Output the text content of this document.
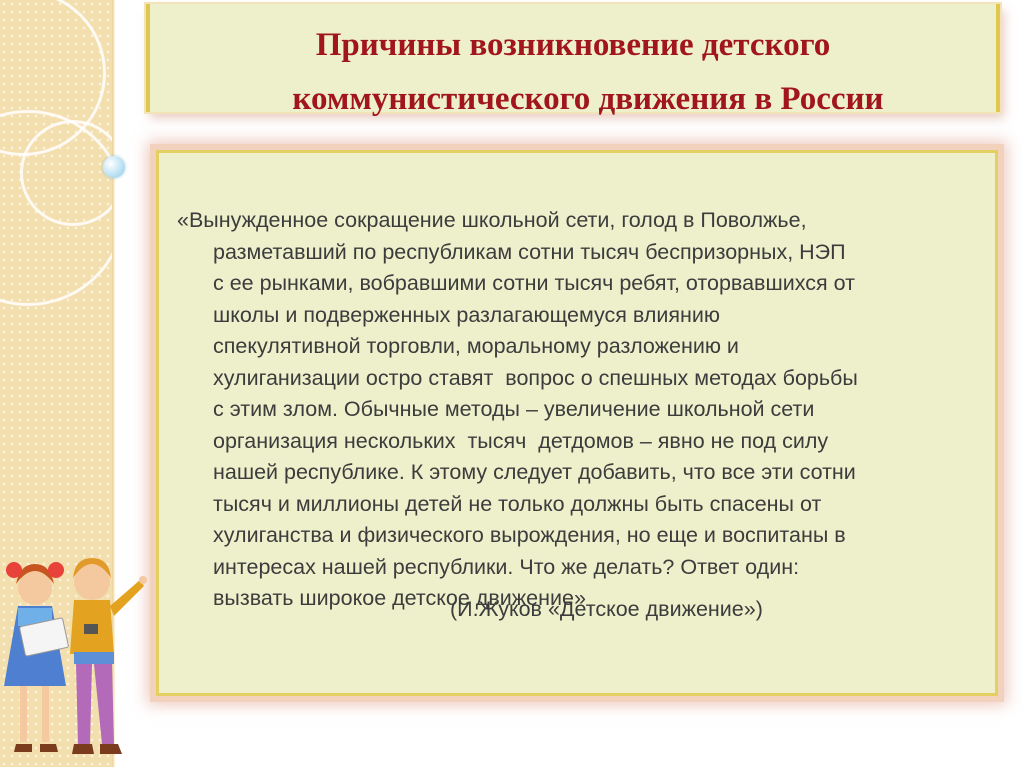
Причины возникновение детского
коммунистического движения в России
«Вынужденное сокращение школьной сети, голод в Поволжье,
разметавший по республикам сотни тысяч беспризорных, НЭП
с ее рынками, вобравшими сотни тысяч ребят, оторвавшихся от
школы и подверженных разлагающемуся влиянию
спекулятивной торговли, моральному разложению и
хулиганизации остро ставят  вопрос о спешных методах борьбы
с этим злом. Обычные методы – увеличение школьной сети
организация нескольких  тысяч  детдомов – явно не под силу
нашей республике. К этому следует добавить, что все эти сотни
тысяч и миллионы детей не только должны быть спасены от
хулиганства и физического вырождения, но еще и воспитаны в
интересах нашей республики. Что же делать? Ответ один:
вызвать широкое детское движение»
(И.Жуков «Детское движение»)
